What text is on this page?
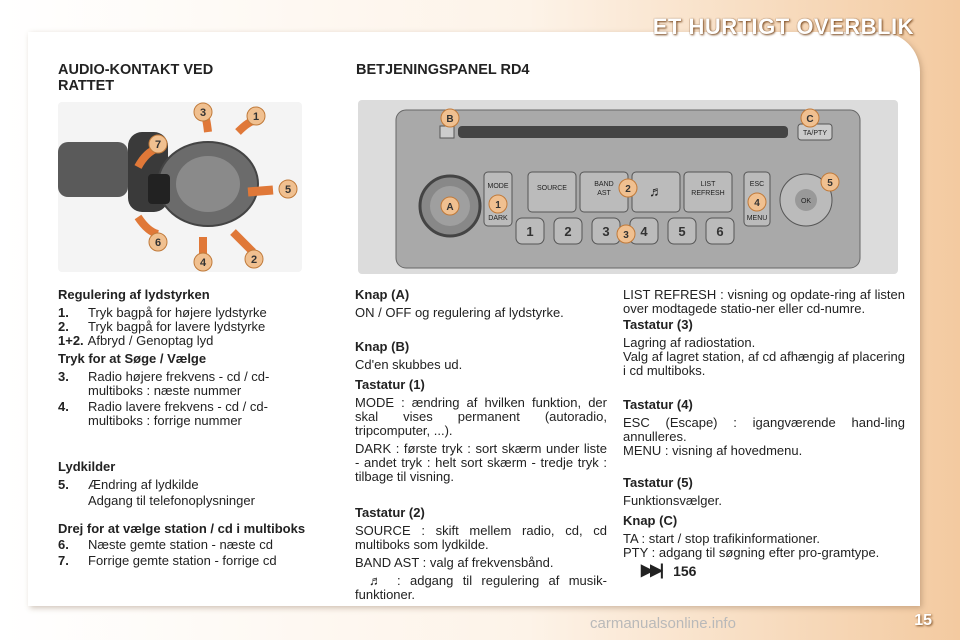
ET HURTIGT OVERBLIK
AUDIO-KONTAKT VED RATTET
BETJENINGSPANEL RD4
1
2
3
4
5
6
7
MODE
DARK
SOURCE
BAND
AST	♬	LIST
REFRESH
ESC
MENU
OK
TA/PTY
1 2 3 4 5 6
A
B	C
1
2
3
4
5

Regulering af lydstyrken

1.	Tryk bagpå for højere lydstyrke
2.	Tryk bagpå for lavere lydstyrke
1+2. Afbryd / Genoptag lyd

Tryk for at Søge / Vælge

3.	Radio højere frekvens - cd / cd-multiboks : næste nummer
4.	Radio lavere frekvens - cd / cd-multiboks : forrige nummer

Lydkilder

5.	Ændring af lydkilde

Adgang til telefonoplysninger

Drej for at vælge station / cd i multiboks

6.	Næste gemte station - næste cd
7.	Forrige gemte station - forrige cd

Knap (A)

ON / OFF og regulering af lydstyrke.

Knap (B)

Cd'en skubbes ud.

Tastatur (1)

MODE : ændring af hvilken funktion, der skal vises permanent (autoradio, tripcomputer, ...).

DARK : første tryk : sort skærm under liste - andet tryk : helt sort skærm - tredje tryk : tilbage til visning.

Tastatur (2)

SOURCE : skift mellem radio, cd, cd multiboks som lydkilde.

BAND AST : valg af frekvensbånd.

♬ : adgang til regulering af musik-funktioner.

LIST REFRESH : visning og opdate-ring af listen over modtagede statio-ner eller cd-numre.

Tastatur (3)

Lagring af radiostation.

Valg af lagret station, af cd afhængig af placering i cd multiboks.

Tastatur (4)

ESC (Escape) : igangværende hand-ling annulleres.

MENU : visning af hovedmenu.

Tastatur (5)

Funktionsvælger.

Knap (C)

TA : start / stop trafikinformationer.

PTY : adgang til søgning efter pro-gramtype.

▶▶| 156
carmanualsonline.info	15
